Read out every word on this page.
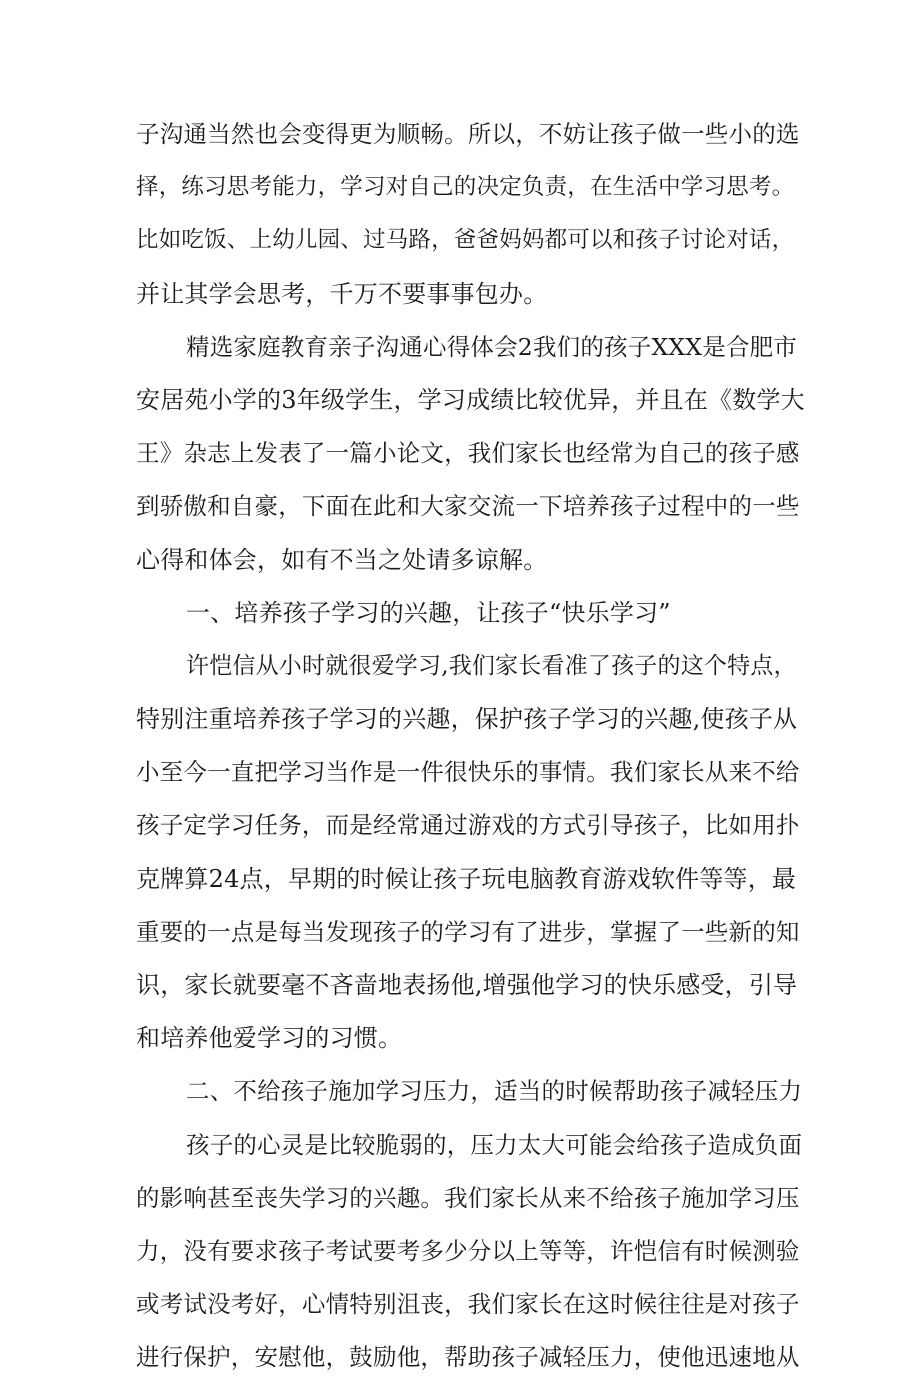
子沟通当然也会变得更为顺畅。所以，不妨让孩子做一些小的选
择，练习思考能力，学习对自己的决定负责，在生活中学习思考。
比如吃饭、上幼儿园、过马路，爸爸妈妈都可以和孩子讨论对话，
并让其学会思考，千万不要事事包办。
精选家庭教育亲子沟通心得体会2我们的孩子XXX是合肥市
安居苑小学的3年级学生，学习成绩比较优异，并且在《数学大
王》杂志上发表了一篇小论文，我们家长也经常为自己的孩子感
到骄傲和自豪，下面在此和大家交流一下培养孩子过程中的一些
心得和体会，如有不当之处请多谅解。
一、培养孩子学习的兴趣，让孩子“快乐学习”
许恺信从小时就很爱学习,我们家长看准了孩子的这个特点，
特别注重培养孩子学习的兴趣，保护孩子学习的兴趣,使孩子从
小至今一直把学习当作是一件很快乐的事情。我们家长从来不给
孩子定学习任务，而是经常通过游戏的方式引导孩子，比如用扑
克牌算24点，早期的时候让孩子玩电脑教育游戏软件等等，最
重要的一点是每当发现孩子的学习有了进步，掌握了一些新的知
识，家长就要毫不吝啬地表扬他,增强他学习的快乐感受，引导
和培养他爱学习的习惯。
二、不给孩子施加学习压力，适当的时候帮助孩子减轻压力
孩子的心灵是比较脆弱的，压力太大可能会给孩子造成负面
的影响甚至丧失学习的兴趣。我们家长从来不给孩子施加学习压
力，没有要求孩子考试要考多少分以上等等，许恺信有时候测验
或考试没考好，心情特别沮丧，我们家长在这时候往往是对孩子
进行保护，安慰他，鼓励他，帮助孩子减轻压力，使他迅速地从
